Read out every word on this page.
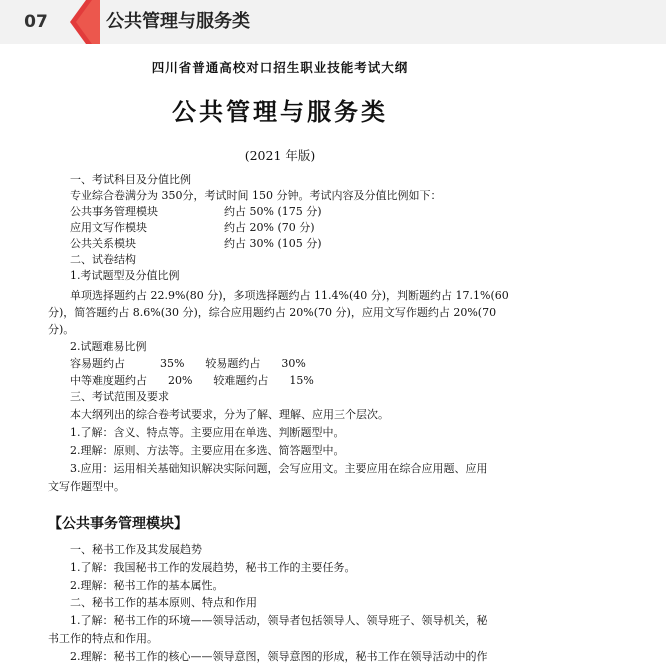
07	公共管理与服务类
四川省普通高校对口招生职业技能考试大纲
公共管理与服务类
(2021 年版)
一、考试科目及分值比例
专业综合卷满分为 350分，考试时间 150 分钟。考试内容及分值比例如下：
公共事务管理模块	约占 50% (175 分)
应用文写作模块	约占 20% (70 分)
公共关系模块	约占 30% (105 分)
二、试卷结构
1.考试题型及分值比例
单项选择题约占 22.9%(80 分)，多项选择题约占 11.4%(40 分)，判断题约占 17.1%(60
分)，简答题约占 8.6%(30 分)，综合应用题约占 20%(70 分)，应用文写作题约占 20%(70
分)。
2.试题难易比例
容易题约占          35%      较易题约占      30%
中等难度题约占      20%      较难题约占      15%
三、考试范围及要求
本大纲列出的综合卷考试要求，分为了解、理解、应用三个层次。
1.了解：含义、特点等。主要应用在单选、判断题型中。
2.理解：原则、方法等。主要应用在多选、简答题型中。
3.应用：运用相关基础知识解决实际问题，会写应用文。主要应用在综合应用题、应用
文写作题型中。
【公共事务管理模块】
一、秘书工作及其发展趋势
1.了解：我国秘书工作的发展趋势，秘书工作的主要任务。
2.理解：秘书工作的基本属性。
二、秘书工作的基本原则、特点和作用
1.了解：秘书工作的环境——领导活动，领导者包括领导人、领导班子、领导机关，秘
书工作的特点和作用。
2.理解：秘书工作的核心——领导意图，领导意图的形成，秘书工作在领导活动中的作
